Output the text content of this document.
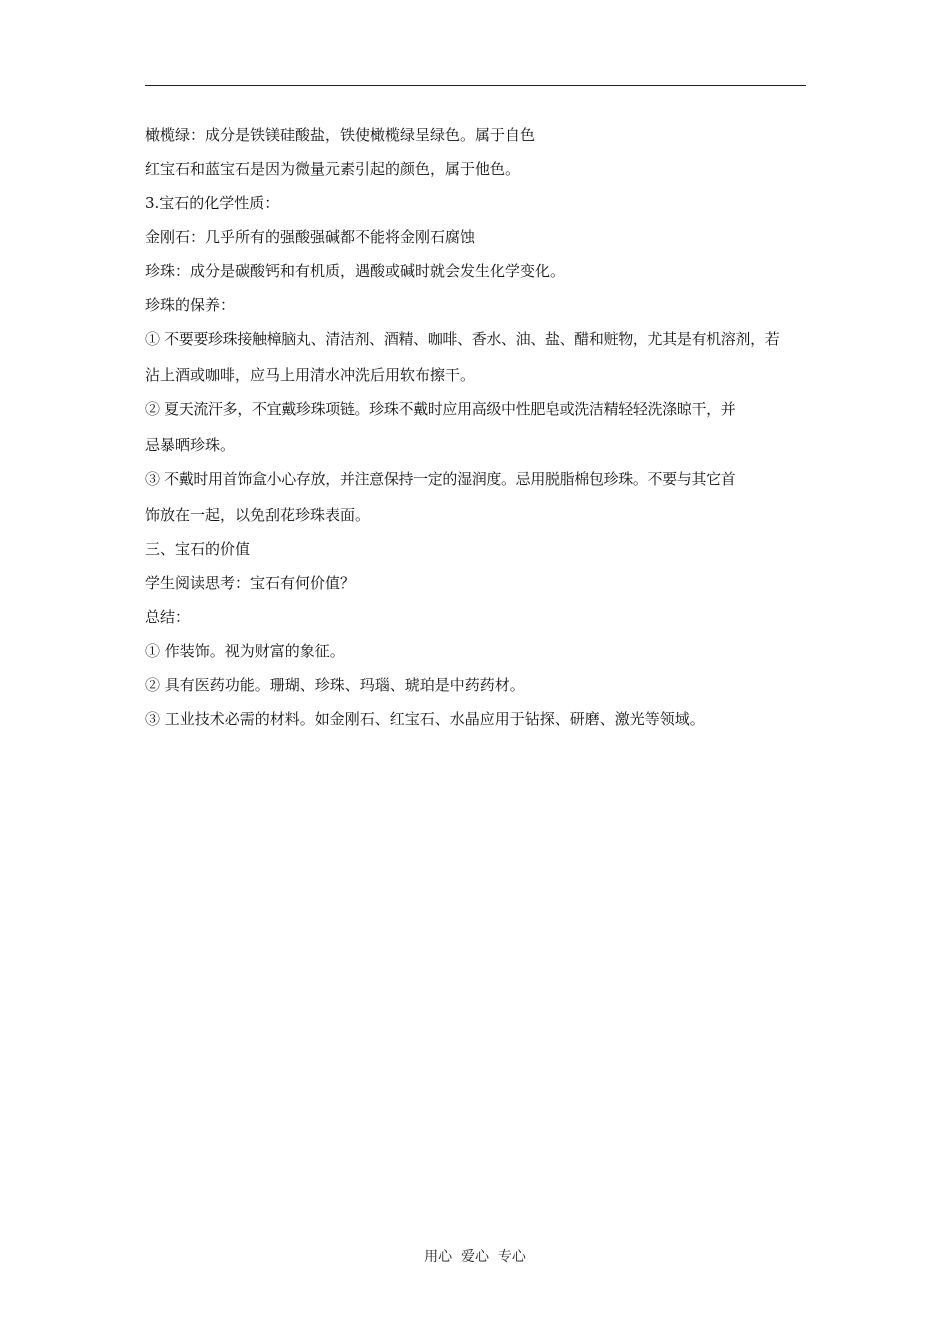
橄榄绿：成分是铁镁硅酸盐，铁使橄榄绿呈绿色。属于自色
红宝石和蓝宝石是因为微量元素引起的颜色，属于他色。
3.宝石的化学性质：
金刚石：几乎所有的强酸强碱都不能将金刚石腐蚀
珍珠：成分是碳酸钙和有机质，遇酸或碱时就会发生化学变化。
珍珠的保养：
① 不要要珍珠接触樟脑丸、清洁剂、酒精、咖啡、香水、油、盐、醋和赃物，尤其是有机溶剂，若
沾上酒或咖啡，应马上用清水冲洗后用软布擦干。
② 夏天流汗多，不宜戴珍珠项链。珍珠不戴时应用高级中性肥皂或洗洁精轻轻洗涤晾干，并
忌暴晒珍珠。
③ 不戴时用首饰盒小心存放，并注意保持一定的湿润度。忌用脱脂棉包珍珠。不要与其它首
饰放在一起，以免刮花珍珠表面。
三、宝石的价值
学生阅读思考：宝石有何价值？
总结：
① 作装饰。视为财富的象征。
② 具有医药功能。珊瑚、珍珠、玛瑙、琥珀是中药药材。
③ 工业技术必需的材料。如金刚石、红宝石、水晶应用于钻探、研磨、激光等领域。
用心  爱心  专心
